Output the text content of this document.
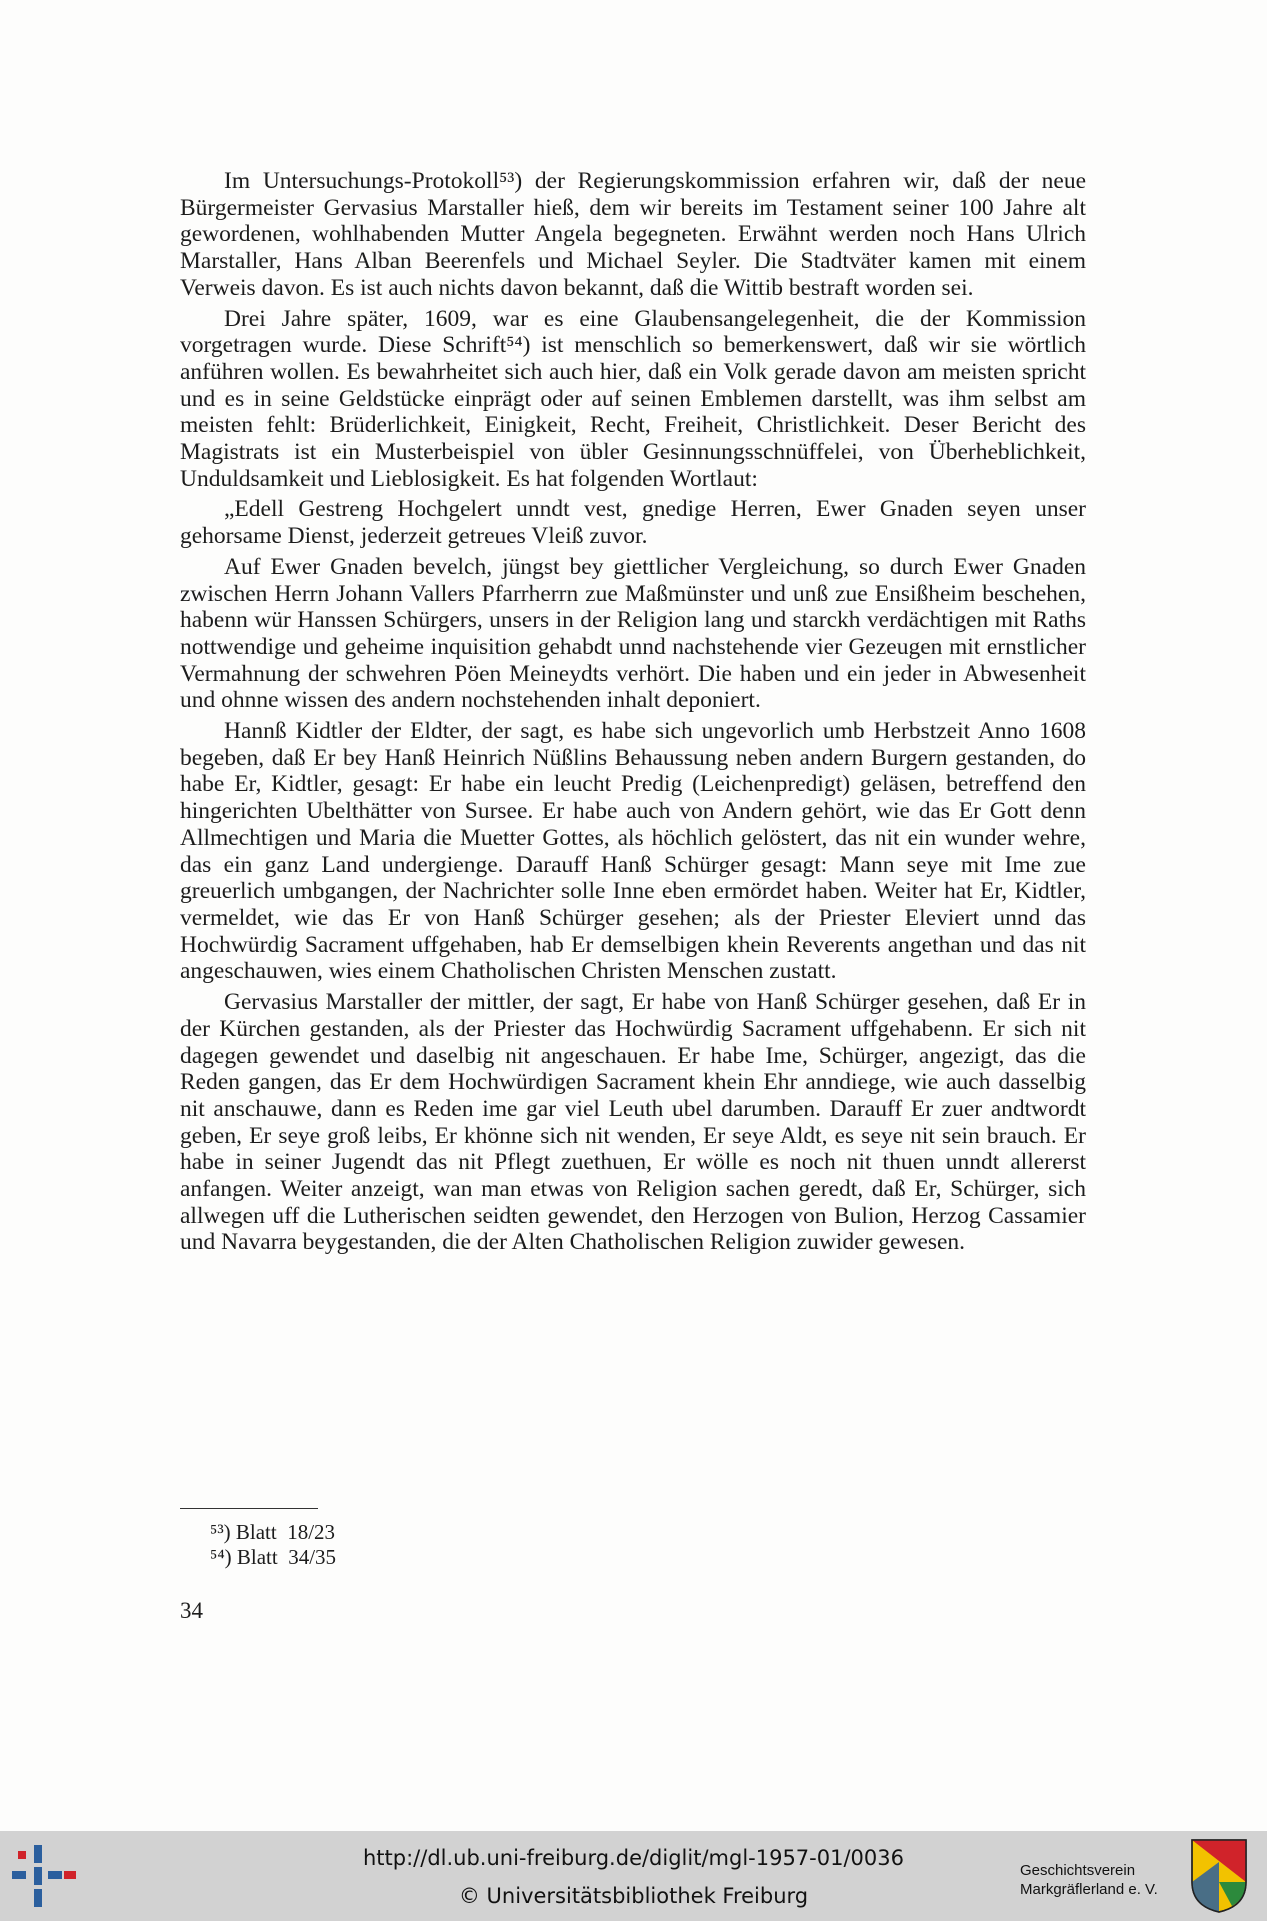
Im Untersuchungs-Protokoll⁵³) der Regierungskommission erfahren wir, daß der neue Bürgermeister Gervasius Marstaller hieß, dem wir bereits im Testament seiner 100 Jahre alt gewordenen, wohlhabenden Mutter Angela begegneten. Erwähnt werden noch Hans Ulrich Marstaller, Hans Alban Beerenfels und Michael Seyler. Die Stadtväter kamen mit einem Verweis davon. Es ist auch nichts davon bekannt, daß die Wittib bestraft worden sei.

Drei Jahre später, 1609, war es eine Glaubensangelegenheit, die der Kommission vorgetragen wurde. Diese Schrift⁵⁴) ist menschlich so bemerkenswert, daß wir sie wörtlich anführen wollen. Es bewahrheitet sich auch hier, daß ein Volk gerade davon am meisten spricht und es in seine Geldstücke einprägt oder auf seinen Emblemen darstellt, was ihm selbst am meisten fehlt: Brüderlichkeit, Einigkeit, Recht, Freiheit, Christlichkeit. Deser Bericht des Magistrats ist ein Musterbeispiel von übler Gesinnungsschnüffelei, von Überheblichkeit, Unduldsamkeit und Lieblosigkeit. Es hat folgenden Wortlaut:

„Edell Gestreng Hochgelert unndt vest, gnedige Herren, Ewer Gnaden seyen unser gehorsame Dienst, jederzeit getreues Vleiß zuvor.

Auf Ewer Gnaden bevelch, jüngst bey giettlicher Vergleichung, so durch Ewer Gnaden zwischen Herrn Johann Vallers Pfarrherrn zue Maßmünster und unß zue Ensißheim beschehen, habenn wür Hanssen Schürgers, unsers in der Religion lang und starckh verdächtigen mit Raths nottwendige und geheime inquisition gehabdt unnd nachstehende vier Gezeugen mit ernstlicher Vermahnung der schwehren Pöen Meineydts verhört. Die haben und ein jeder in Abwesenheit und ohnne wissen des andern nochstehenden inhalt deponiert.

Hannß Kidtler der Eldter, der sagt, es habe sich ungevorlich umb Herbstzeit Anno 1608 begeben, daß Er bey Hanß Heinrich Nüßlins Behaussung neben andern Burgern gestanden, do habe Er, Kidtler, gesagt: Er habe ein leucht Predig (Leichenpredigt) geläsen, betreffend den hingerichten Ubelthätter von Sursee. Er habe auch von Andern gehört, wie das Er Gott denn Allmechtigen und Maria die Muetter Gottes, als höchlich gelöstert, das nit ein wunder wehre, das ein ganz Land undergienge. Darauff Hanß Schürger gesagt: Mann seye mit Ime zue greuerlich umbgangen, der Nachrichter solle Inne eben ermördet haben. Weiter hat Er, Kidtler, vermeldet, wie das Er von Hanß Schürger gesehen; als der Priester Eleviert unnd das Hochwürdig Sacrament uffgehaben, hab Er demselbigen khein Reverents angethan und das nit angeschauwen, wies einem Chatholischen Christen Menschen zustatt.

Gervasius Marstaller der mittler, der sagt, Er habe von Hanß Schürger gesehen, daß Er in der Kürchen gestanden, als der Priester das Hochwürdig Sacrament uffgehabenn. Er sich nit dagegen gewendet und daselbig nit angeschauen. Er habe Ime, Schürger, angezigt, das die Reden gangen, das Er dem Hochwürdigen Sacrament khein Ehr anndiege, wie auch dasselbig nit anschauwe, dann es Reden ime gar viel Leuth ubel darumben. Darauff Er zuer andtwordt geben, Er seye groß leibs, Er khönne sich nit wenden, Er seye Aldt, es seye nit sein brauch. Er habe in seiner Jugendt das nit Pflegt zuethuen, Er wölle es noch nit thuen unndt allererst anfangen. Weiter anzeigt, wan man etwas von Religion sachen geredt, daß Er, Schürger, sich allwegen uff die Lutherischen seidten gewendet, den Herzogen von Bulion, Herzog Cassamier und Navarra beygestanden, die der Alten Chatholischen Religion zuwider gewesen.

⁵³) Blatt  18/23
⁵⁴) Blatt  34/35
34
http://dl.ub.uni-freiburg.de/diglit/mgl-1957-01/0036
© Universitätsbibliothek Freiburg
Geschichtsverein
Markgräflerland e. V.
